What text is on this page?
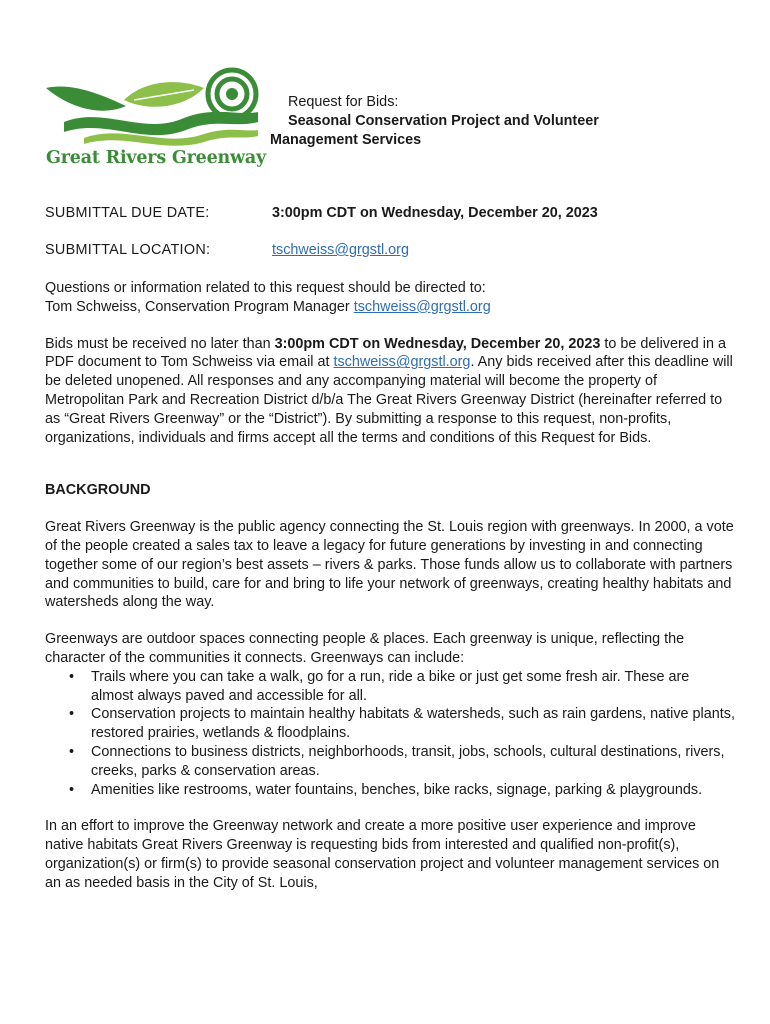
Great Rivers Greenway
Request for Bids:
Seasonal Conservation Project and Volunteer
Management Services
SUBMITTAL DUE DATE:	3:00pm CDT on Wednesday, December 20, 2023
SUBMITTAL LOCATION:	tschweiss@grgstl.org

Questions or information related to this request should be directed to:
Tom Schweiss, Conservation Program Manager tschweiss@grgstl.org

Bids must be received no later than 3:00pm CDT on Wednesday, December 20, 2023 to be delivered in a PDF document to Tom Schweiss via email at tschweiss@grgstl.org. Any bids received after this deadline will be deleted unopened. All responses and any accompanying material will become the property of Metropolitan Park and Recreation District d/b/a The Great Rivers Greenway District (hereinafter referred to as “Great Rivers Greenway” or the “District”). By submitting a response to this request, non-profits, organizations, individuals and firms accept all the terms and conditions of this Request for Bids.

BACKGROUND

Great Rivers Greenway is the public agency connecting the St. Louis region with greenways. In 2000, a vote of the people created a sales tax to leave a legacy for future generations by investing in and connecting together some of our region’s best assets – rivers & parks. Those funds allow us to collaborate with partners and communities to build, care for and bring to life your network of greenways, creating healthy habitats and watersheds along the way.

Greenways are outdoor spaces connecting people & places. Each greenway is unique, reflecting the character of the communities it connects. Greenways can include:

• Trails where you can take a walk, go for a run, ride a bike or just get some fresh air. These are almost always paved and accessible for all.
• Conservation projects to maintain healthy habitats & watersheds, such as rain gardens, native plants, restored prairies, wetlands & floodplains.
• Connections to business districts, neighborhoods, transit, jobs, schools, cultural destinations, rivers, creeks, parks & conservation areas.
• Amenities like restrooms, water fountains, benches, bike racks, signage, parking & playgrounds.

In an effort to improve the Greenway network and create a more positive user experience and improve native habitats Great Rivers Greenway is requesting bids from interested and qualified non-profit(s), organization(s) or firm(s) to provide seasonal conservation project and volunteer management services on an as needed basis in the City of St. Louis,
